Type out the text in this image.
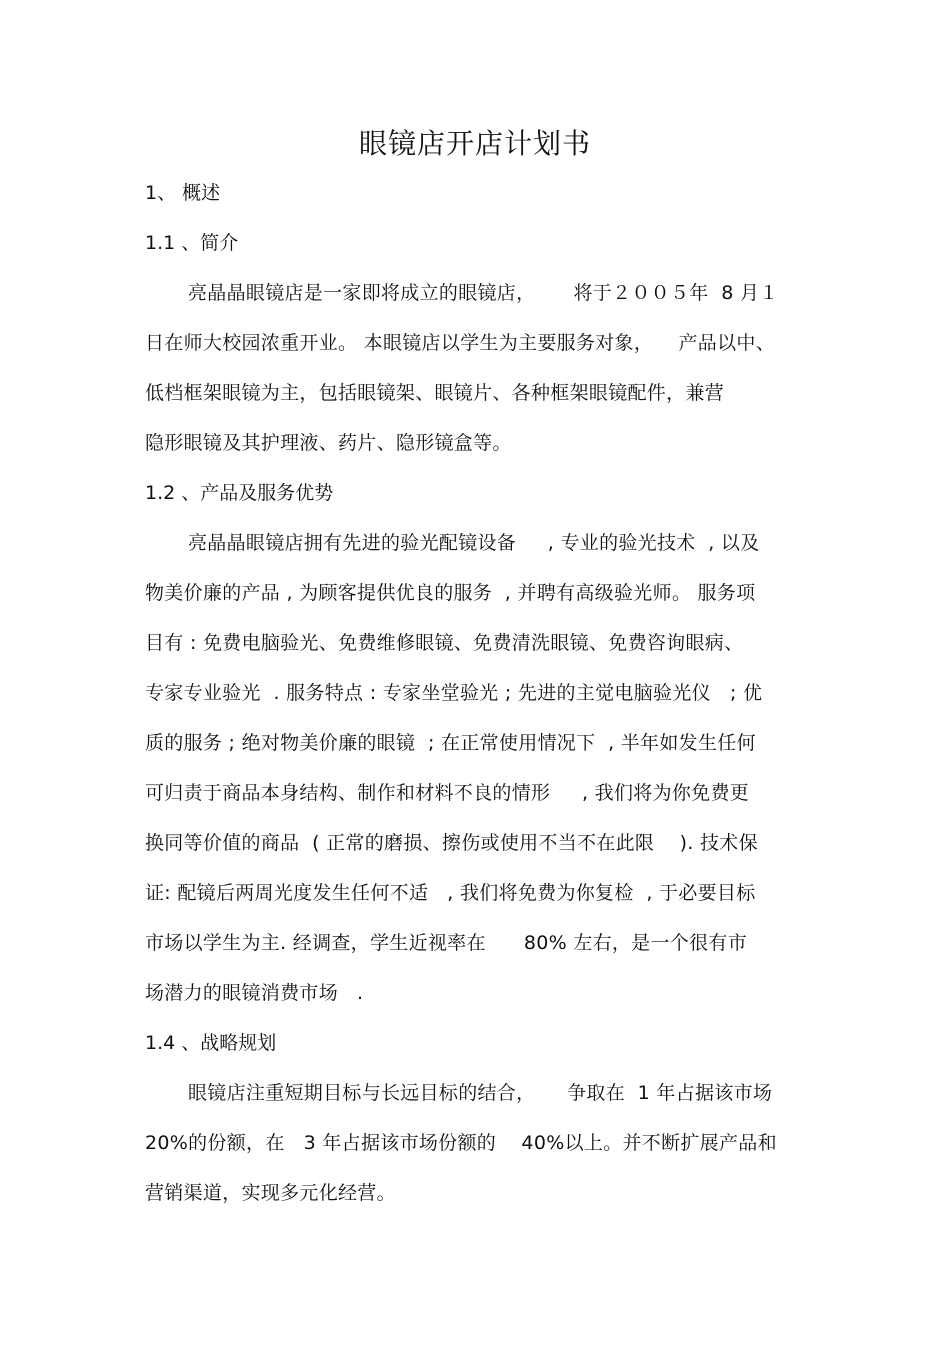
眼镜店开店计划书
1、 概述
1.1 、简介
亮晶晶眼镜店是一家即将成立的眼镜店，      将于２００５年  8 月１
日在师大校园浓重开业。 本眼镜店以学生为主要服务对象，    产品以中、
低档框架眼镜为主，包括眼镜架、眼镜片、各种框架眼镜配件，兼营
隐形眼镜及其护理液、药片、隐形镜盒等。
1.2 、产品及服务优势
亮晶晶眼镜店拥有先进的验光配镜设备     , 专业的验光技术  , 以及
物美价廉的产品 , 为顾客提供优良的服务  , 并聘有高级验光师。 服务项
目有 : 免费电脑验光、免费维修眼镜、免费清洗眼镜、免费咨询眼病、
专家专业验光  . 服务特点 : 专家坐堂验光 ; 先进的主觉电脑验光仪   ; 优
质的服务 ; 绝对物美价廉的眼镜  ; 在正常使用情况下  , 半年如发生任何
可归责于商品本身结构、制作和材料不良的情形     , 我们将为你免费更
换同等价值的商品  ( 正常的磨损、擦伤或使用不当不在此限    ). 技术保
证: 配镜后两周光度发生任何不适   , 我们将免费为你复检  , 于必要目标
市场以学生为主. 经调查，学生近视率在      80% 左右，是一个很有市
场潜力的眼镜消费市场   .
1.4 、战略规划
眼镜店注重短期目标与长远目标的结合，     争取在  1 年占据该市场
20%的份额，在   3 年占据该市场份额的    40%以上。并不断扩展产品和
营销渠道，实现多元化经营。
